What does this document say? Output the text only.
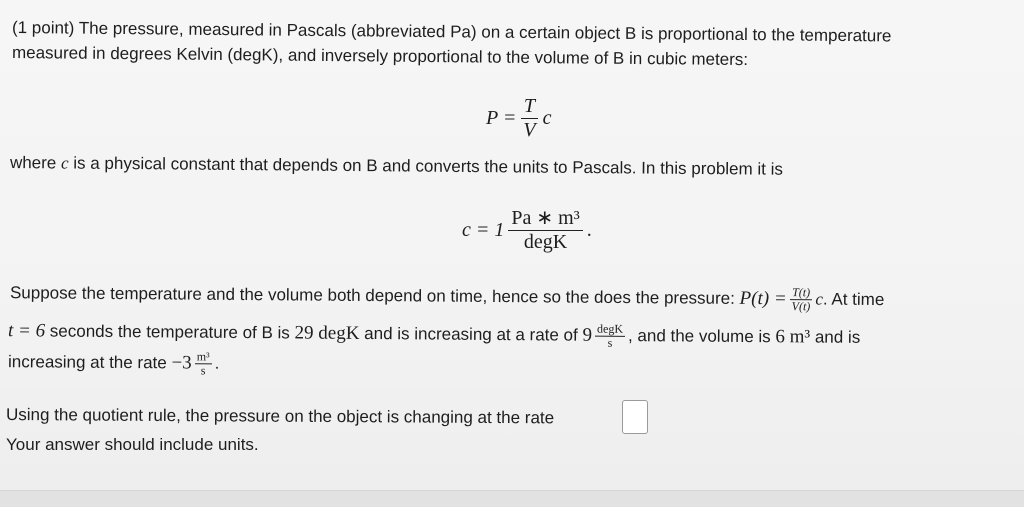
(1 point) The pressure, measured in Pascals (abbreviated Pa) on a certain object B is proportional to the temperature
measured in degrees Kelvin (degK), and inversely proportional to the volume of B in cubic meters:
$P = \frac{T}{V}$ c
where c is a physical constant that depends on B and converts the units to Pascals. In this problem it is
$c = 1 \frac{\text{Pa ∗ m³}}{\text{degK}}$ .
Suppose the temperature and the volume both depend on time, hence so the does the pressure: $P(t) = \frac{T(t)}{V(t)} c$. At time
t = 6 seconds the temperature of B is 29 degK and is increasing at a rate of $9 \frac{\text{degK}}{s}$ , and the volume is 6 m³ and is
increasing at the rate $-3 \frac{\text{m³}}{s}$ .
Using the quotient rule, the pressure on the object is changing at the rate
Your answer should include units.
